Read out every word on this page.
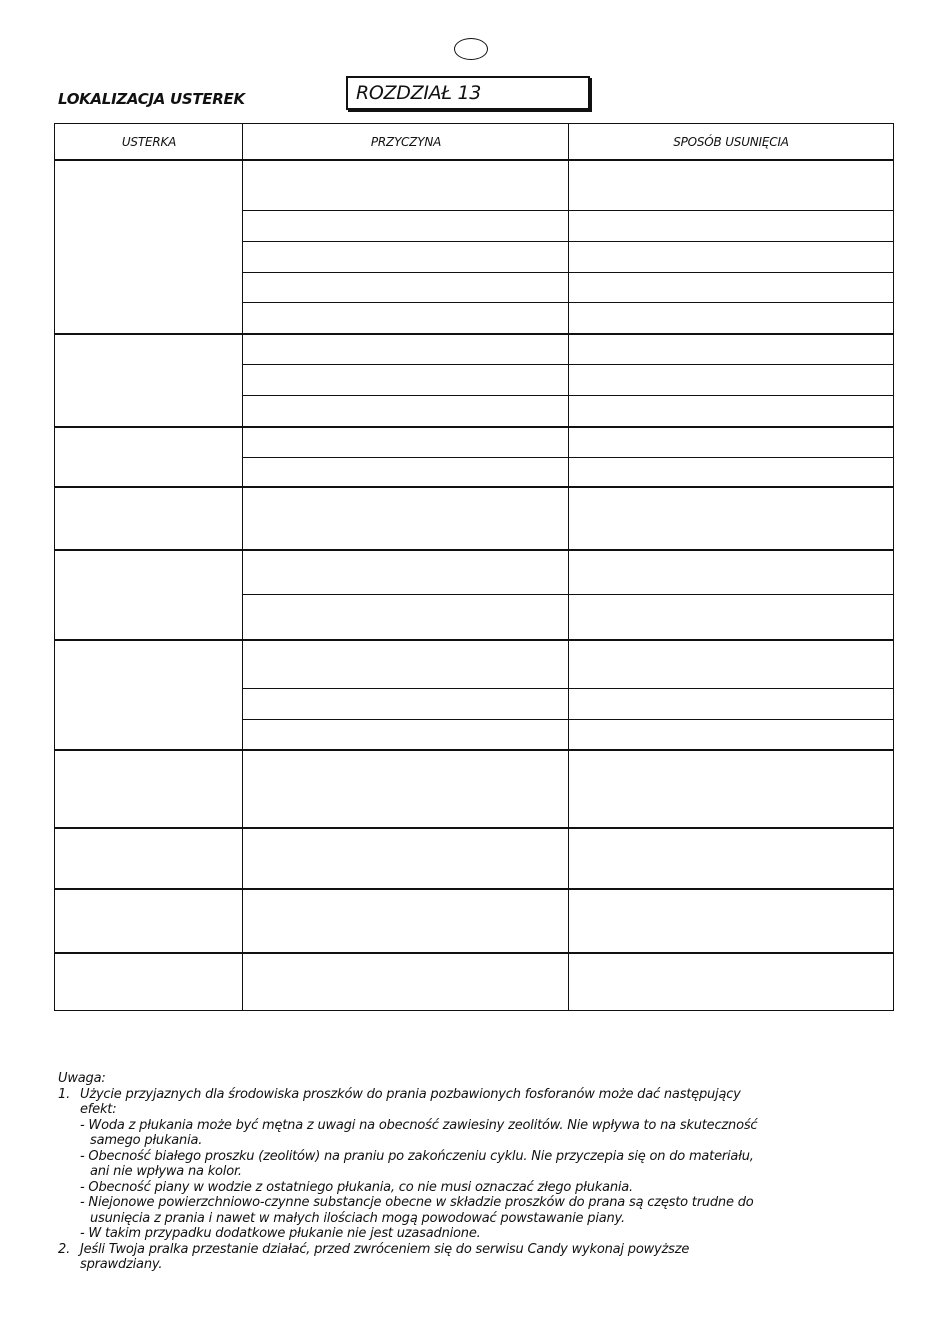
LOKALIZACJA USTEREK	ROZDZIAŁ 13
USTERKA	PRZYCZYNA	SPOSÓB USUNIĘCIA
Uwaga:
1. Użycie przyjaznych dla środowiska proszków do prania pozbawionych fosforanów może dać następujący
efekt:
- Woda z płukania może być mętna z uwagi na obecność zawiesiny zeolitów. Nie wpływa to na skuteczność
samego płukania.
- Obecność białego proszku (zeolitów) na praniu po zakończeniu cyklu. Nie przyczepia się on do materiału,
ani nie wpływa na kolor.
- Obecność piany w wodzie z ostatniego płukania, co nie musi oznaczać złego płukania.
- Niejonowe powierzchniowo-czynne substancje obecne w składzie proszków do prana są często trudne do
usunięcia z prania i nawet w małych ilościach mogą powodować powstawanie piany.
- W takim przypadku dodatkowe płukanie nie jest uzasadnione.
2. Jeśli Twoja pralka przestanie działać, przed zwróceniem się do serwisu Candy wykonaj powyższe
sprawdziany.
